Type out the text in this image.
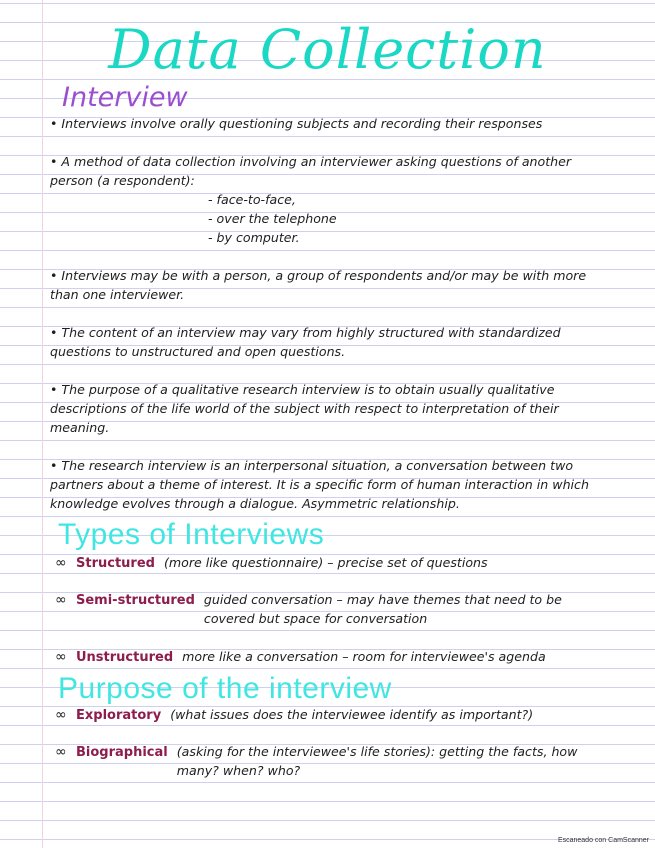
Data Collection
Interview
• Interviews involve orally questioning subjects and recording their responses
• A method of data collection involving an interviewer asking questions of another person (a respondent):
- face-to-face,
- over the telephone
- by computer.
• Interviews may be with a person, a group of respondents and/or may be with more than one interviewer.
• The content of an interview may vary from highly structured with standardized questions to unstructured and open questions.
• The purpose of a qualitative research interview is to obtain usually qualitative descriptions of the life world of the subject with respect to interpretation of their meaning.
• The research interview is an interpersonal situation, a conversation between two partners about a theme of interest. It is a specific form of human interaction in which knowledge evolves through a dialogue. Asymmetric relationship.
Types of Interviews
∞ Structured (more like questionnaire) – precise set of questions
∞ Semi-structured guided conversation – may have themes that need to be covered but space for conversation
∞ Unstructured more like a conversation – room for interviewee's agenda
Purpose of the interview
∞ Exploratory (what issues does the interviewee identify as important?)
∞ Biographical (asking for the interviewee's life stories): getting the facts, how many? when? who?
Escaneado con CamScanner
